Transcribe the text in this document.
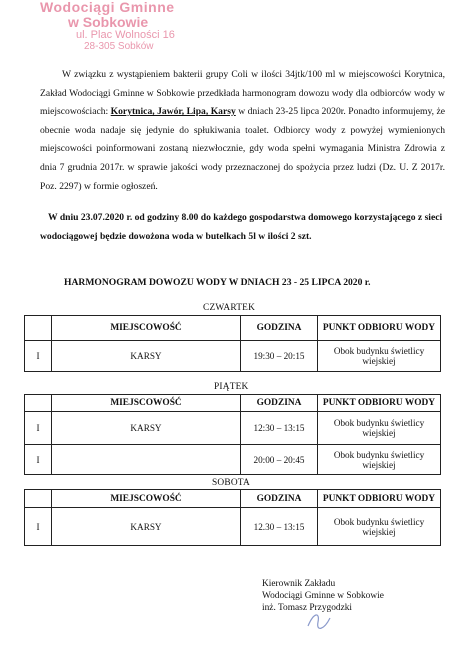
Wodociągi Gminne
w Sobkowie
ul. Plac Wolności 16
28-305 Sobków

W związku z wystąpieniem bakterii grupy Coli w ilości 34jtk/100 ml w miejscowości Korytnica, Zakład Wodociągi Gminne w Sobkowie przedkłada harmonogram dowozu wody dla odbiorców wody w miejscowościach: Korytnica, Jawór, Lipa, Karsy w dniach 23-25 lipca 2020r. Ponadto informujemy, że obecnie woda nadaje się jedynie do spłukiwania toalet. Odbiorcy wody z powyżej wymienionych miejscowości poinformowani zostaną niezwłocznie, gdy woda spełni wymagania Ministra Zdrowia z dnia 7 grudnia 2017r. w sprawie jakości wody przeznaczonej do spożycia przez ludzi (Dz. U. Z 2017r. Poz. 2297) w formie ogłoszeń.

W dniu 23.07.2020 r. od godziny 8.00 do każdego gospodarstwa domowego korzystającego z sieci wodociągowej będzie dowożona woda w butelkach 5l w ilości 2 szt.

HARMONOGRAM DOWOZU WODY W DNIACH 23 - 25 LIPCA 2020 r.
CZWARTEK
	MIEJSCOWOŚĆ	GODZINA	PUNKT ODBIORU WODY
I	KARSY	19:30 – 20:15	Obok budynku świetlicy wiejskiej
PIĄTEK
	MIEJSCOWOŚĆ	GODZINA	PUNKT ODBIORU WODY
I	KARSY	12:30 – 13:15	Obok budynku świetlicy wiejskiej
I		20:00 – 20:45	Obok budynku świetlicy wiejskiej
SOBOTA
	MIEJSCOWOŚĆ	GODZINA	PUNKT ODBIORU WODY
I	KARSY	12.30 – 13:15	Obok budynku świetlicy wiejskiej
Kierownik Zakładu
Wodociągi Gminne w Sobkowie
inż. Tomasz Przygodzki
